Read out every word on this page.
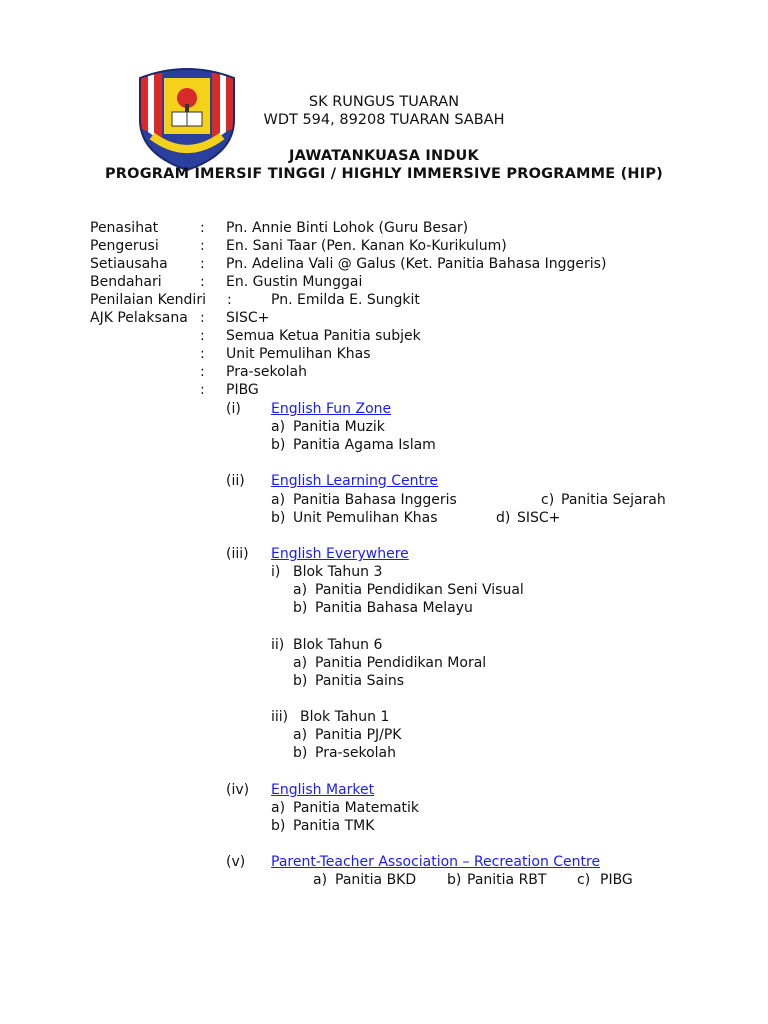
SK RUNGUS TUARAN
WDT 594, 89208 TUARAN SABAH
JAWATANKUASA INDUK
PROGRAM IMERSIF TINGGI / HIGHLY IMMERSIVE PROGRAMME (HIP)
Penasihat	: Pn. Annie Binti Lohok (Guru Besar)
Pengerusi	: En. Sani Taar (Pen. Kanan Ko-Kurikulum)
Setiausaha : Pn. Adelina Vali @ Galus (Ket. Panitia Bahasa Inggeris)
Bendahari	: En. Gustin Munggai
Penilaian Kendiri :	Pn. Emilda E. Sungkit
AJK Pelaksana : SISC+
: Semua Ketua Panitia subjek
: Unit Pemulihan Khas
: Pra-sekolah
: PIBG
(i) English Fun Zone
a) Panitia Muzik
b) Panitia Agama Islam
(ii) English Learning Centre
a) Panitia Bahasa Inggeris	c) Panitia Sejarah
b) Unit Pemulihan Khas	d) SISC+
(iii) English Everywhere
i) Blok Tahun 3
a) Panitia Pendidikan Seni Visual
b) Panitia Bahasa Melayu
ii) Blok Tahun 6
a) Panitia Pendidikan Moral
b) Panitia Sains
iii) Blok Tahun 1
a) Panitia PJ/PK
b) Pra-sekolah
(iv) English Market
a) Panitia Matematik
b) Panitia TMK
(v) Parent-Teacher Association – Recreation Centre
a) Panitia BKD b) Panitia RBT c) PIBG
